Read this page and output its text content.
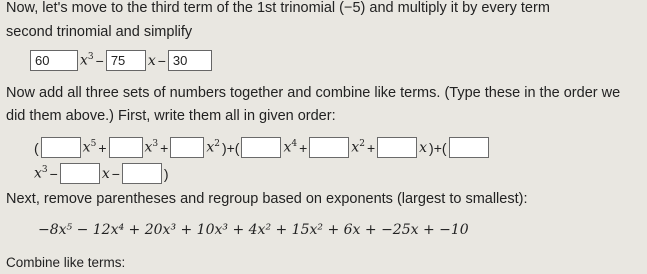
Now, let's move to the third term of the 1st trinomial (−5) and multiply it by every term
second trinomial and simplify
60	$x^3 - 75$	x − 30
Now add all three sets of numbers together and combine like terms. (Type these in the order we
did them above.) First, write them all in given order:
(	$x^5$ +	$x^3$ +	$x^2$ )+(	$x^4$ +	$x^2$ +	x )+(
$x^3$ −	x −	)
Next, remove parentheses and regroup based on exponents (largest to smallest):
−8x⁵ − 12x⁴ + 20x³ + 10x³ + 4x² + 15x² + 6x + −25x + −10
Combine like terms:
